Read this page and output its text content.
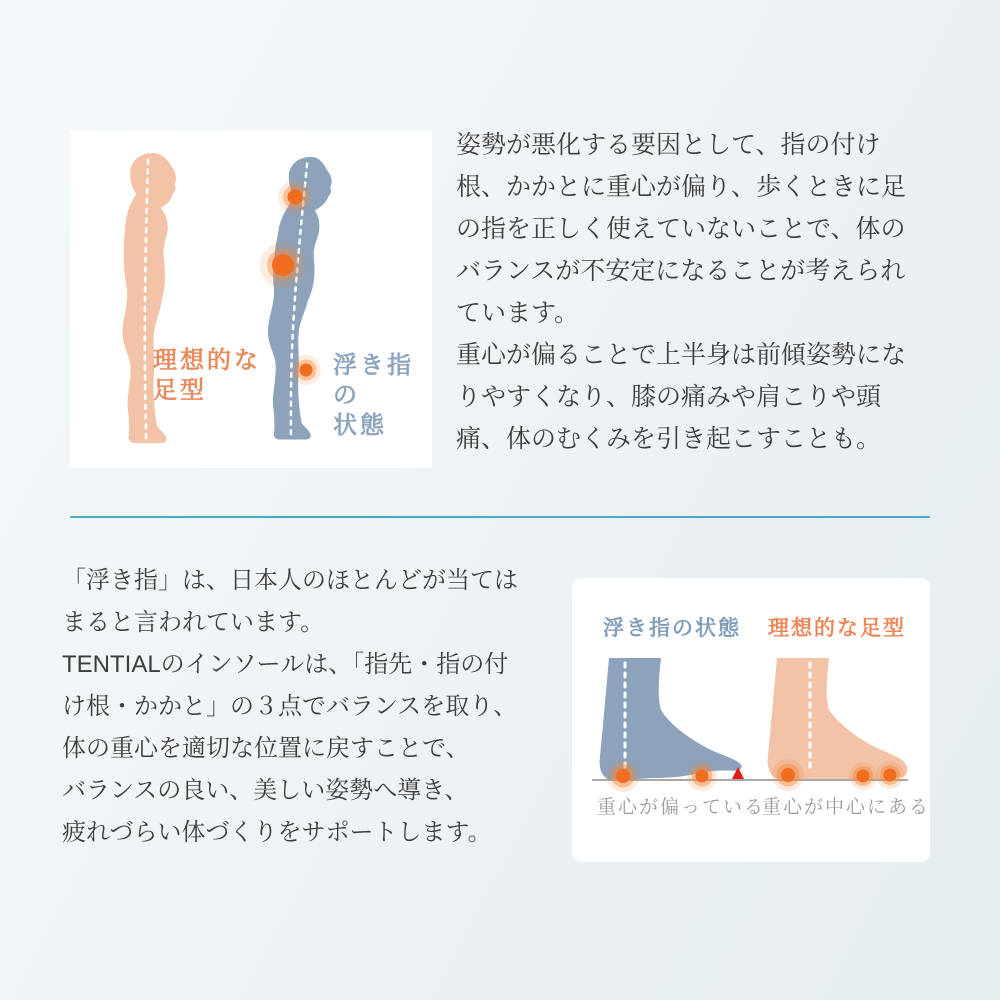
理想的な
足型
浮き指の
状態
姿勢が悪化する要因として、指の付け
根、かかとに重心が偏り、歩くときに足
の指を正しく使えていないことで、体の
バランスが不安定になることが考えられ
ています。
重心が偏ることで上半身は前傾姿勢にな
りやすくなり、膝の痛みや肩こりや頭
痛、体のむくみを引き起こすことも。
「浮き指」は、日本人のほとんどが当ては
まると言われています。
TENTIALのインソールは、「指先・指の付
け根・かかと」の３点でバランスを取り、
体の重心を適切な位置に戻すことで、
バランスの良い、美しい姿勢へ導き、
疲れづらい体づくりをサポートします。
浮き指の状態 理想的な足型
重心が偏っている
重心が中心にある
